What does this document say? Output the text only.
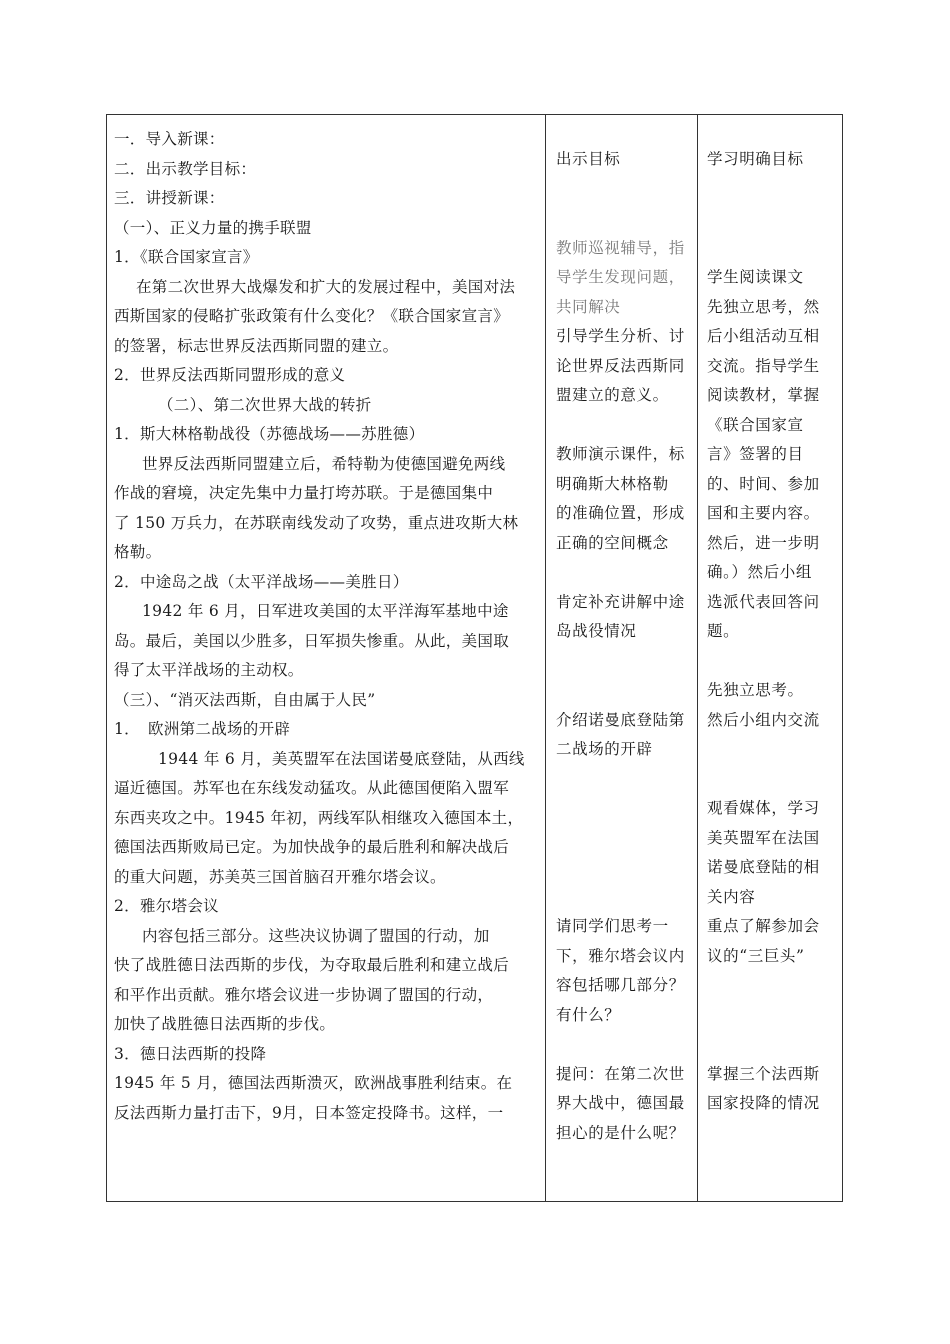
一．导入新课：
二．出示教学目标：
三．讲授新课：
（一）、正义力量的携手联盟
1．《联合国家宣言》
在第二次世界大战爆发和扩大的发展过程中，美国对法
西斯国家的侵略扩张政策有什么变化？《联合国家宣言》
的签署，标志世界反法西斯同盟的建立。
2．世界反法西斯同盟形成的意义
（二）、第二次世界大战的转折
1．斯大林格勒战役（苏德战场——苏胜德）
世界反法西斯同盟建立后，希特勒为使德国避免两线
作战的窘境，决定先集中力量打垮苏联。于是德国集中
了 150 万兵力，在苏联南线发动了攻势，重点进攻斯大林
格勒。
2．中途岛之战（太平洋战场——美胜日）
1942 年 6 月，日军进攻美国的太平洋海军基地中途
岛。最后，美国以少胜多，日军损失惨重。从此，美国取
得了太平洋战场的主动权。
（三）、“消灭法西斯，自由属于人民”
1．　欧洲第二战场的开辟
1944 年 6 月，美英盟军在法国诺曼底登陆，从西线
逼近德国。苏军也在东线发动猛攻。从此德国便陷入盟军
东西夹攻之中。1945 年初，两线军队相继攻入德国本土，
德国法西斯败局已定。为加快战争的最后胜利和解决战后
的重大问题，苏美英三国首脑召开雅尔塔会议。
2．雅尔塔会议
内容包括三部分。这些决议协调了盟国的行动，加
快了战胜德日法西斯的步伐，为夺取最后胜利和建立战后
和平作出贡献。雅尔塔会议进一步协调了盟国的行动，
加快了战胜德日法西斯的步伐。
3．德日法西斯的投降
1945 年 5 月，德国法西斯溃灭，欧洲战事胜利结束。在
反法西斯力量打击下，9月，日本签定投降书。这样，一
出示目标
教师巡视辅导，指
导学生发现问题，
共同解决
引导学生分析、讨
论世界反法西斯同
盟建立的意义。
教师演示课件，标
明确斯大林格勒
的准确位置，形成
正确的空间概念
肯定补充讲解中途
岛战役情况
介绍诺曼底登陆第
二战场的开辟
请同学们思考一
下，雅尔塔会议内
容包括哪几部分？
有什么？
提问：在第二次世
界大战中，德国最
担心的是什么呢？
学习明确目标
学生阅读课文
先独立思考，然
后小组活动互相
交流。指导学生
阅读教材，掌握
《联合国家宣
言》签署的目
的、时间、参加
国和主要内容。
然后，进一步明
确。）然后小组
选派代表回答问
题。
先独立思考。
然后小组内交流
观看媒体，学习
美英盟军在法国
诺曼底登陆的相
关内容
重点了解参加会
议的“三巨头”
掌握三个法西斯
国家投降的情况
